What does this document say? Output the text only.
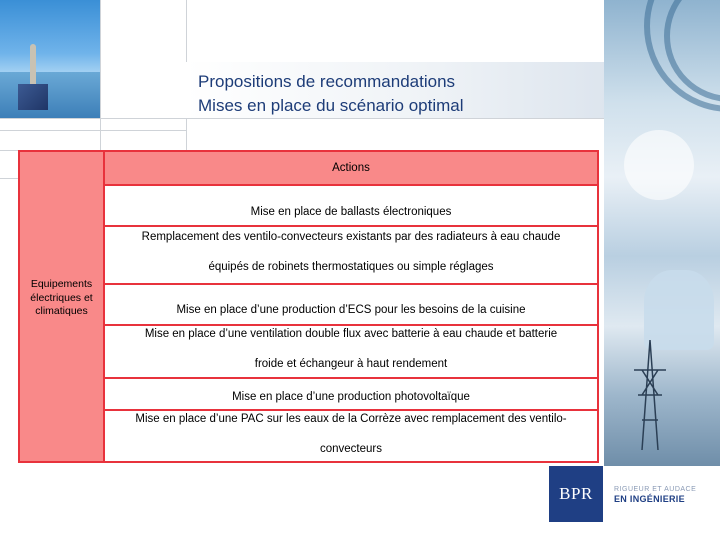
Propositions de recommandations
Mises en place du scénario optimal
BPR	RIGUEUR ET AUDACE
EN INGÉNIERIE
Equipements électriques et climatiques
Actions
Mise en place de ballasts électroniques
Remplacement des ventilo-convecteurs existants par des radiateurs à eau chaude
équipés de robinets thermostatiques ou simple réglages
Mise en place d’une production d’ECS pour les besoins de la cuisine
Mise en place d’une ventilation double flux avec batterie à eau chaude et batterie
froide et échangeur à haut rendement
Mise en place d’une production photovoltaïque
Mise en place d’une PAC sur les eaux de la Corrèze avec remplacement des ventilo-
convecteurs
